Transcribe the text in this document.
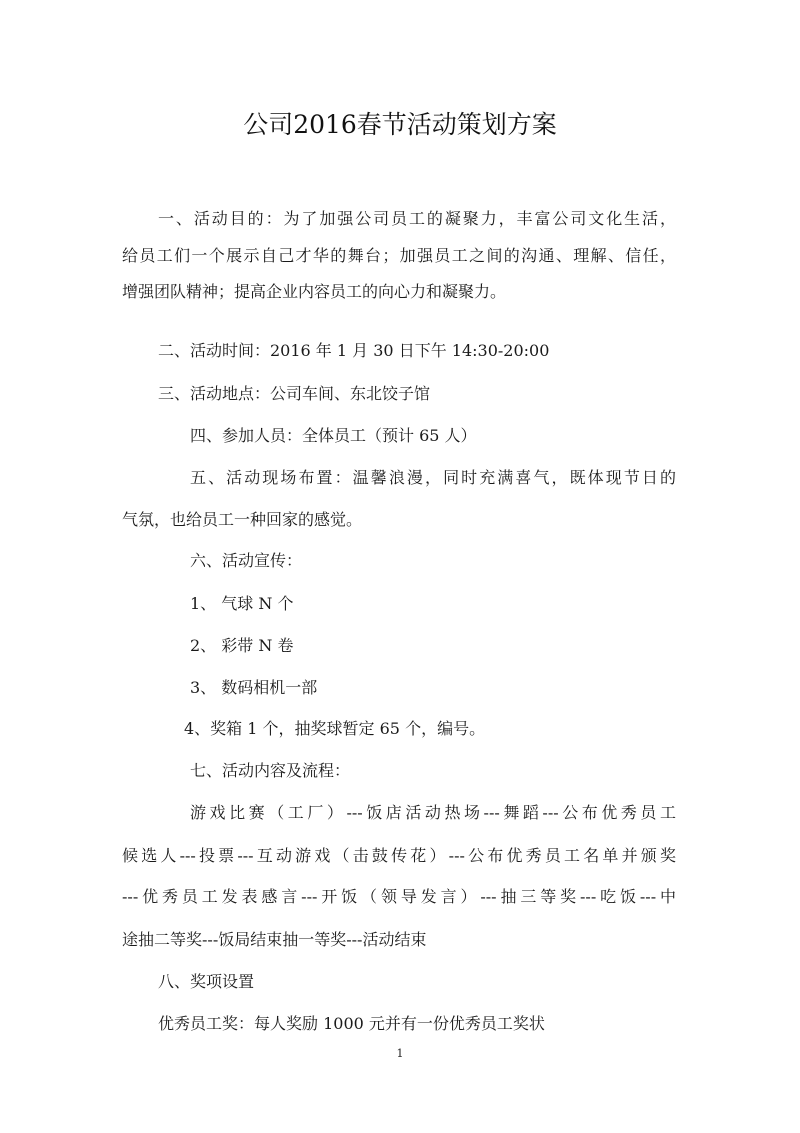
公司2016春节活动策划方案
一、活动目的：为了加强公司员工的凝聚力，丰富公司文化生活，
给员工们一个展示自己才华的舞台；加强员工之间的沟通、理解、信任，
增强团队精神；提高企业内容员工的向心力和凝聚力。
二、活动时间：2016 年 1 月 30 日下午 14:30-20:00
三、活动地点：公司车间、东北饺子馆
四、参加人员：全体员工（预计 65 人）
五、活动现场布置：温馨浪漫，同时充满喜气，既体现节日的
气氛，也给员工一种回家的感觉。
六、活动宣传：
1、 气球 N 个
2、 彩带 N 卷
3、 数码相机一部
4、奖箱 1 个，抽奖球暂定 65 个，编号。
七、活动内容及流程：
游戏比赛（工厂）---饭店活动热场---舞蹈---公布优秀员工
候选人---投票---互动游戏（击鼓传花）---公布优秀员工名单并颁奖
---优秀员工发表感言---开饭（领导发言）---抽三等奖---吃饭---中
途抽二等奖---饭局结束抽一等奖---活动结束
八、奖项设置
优秀员工奖：每人奖励 1000 元并有一份优秀员工奖状
1
